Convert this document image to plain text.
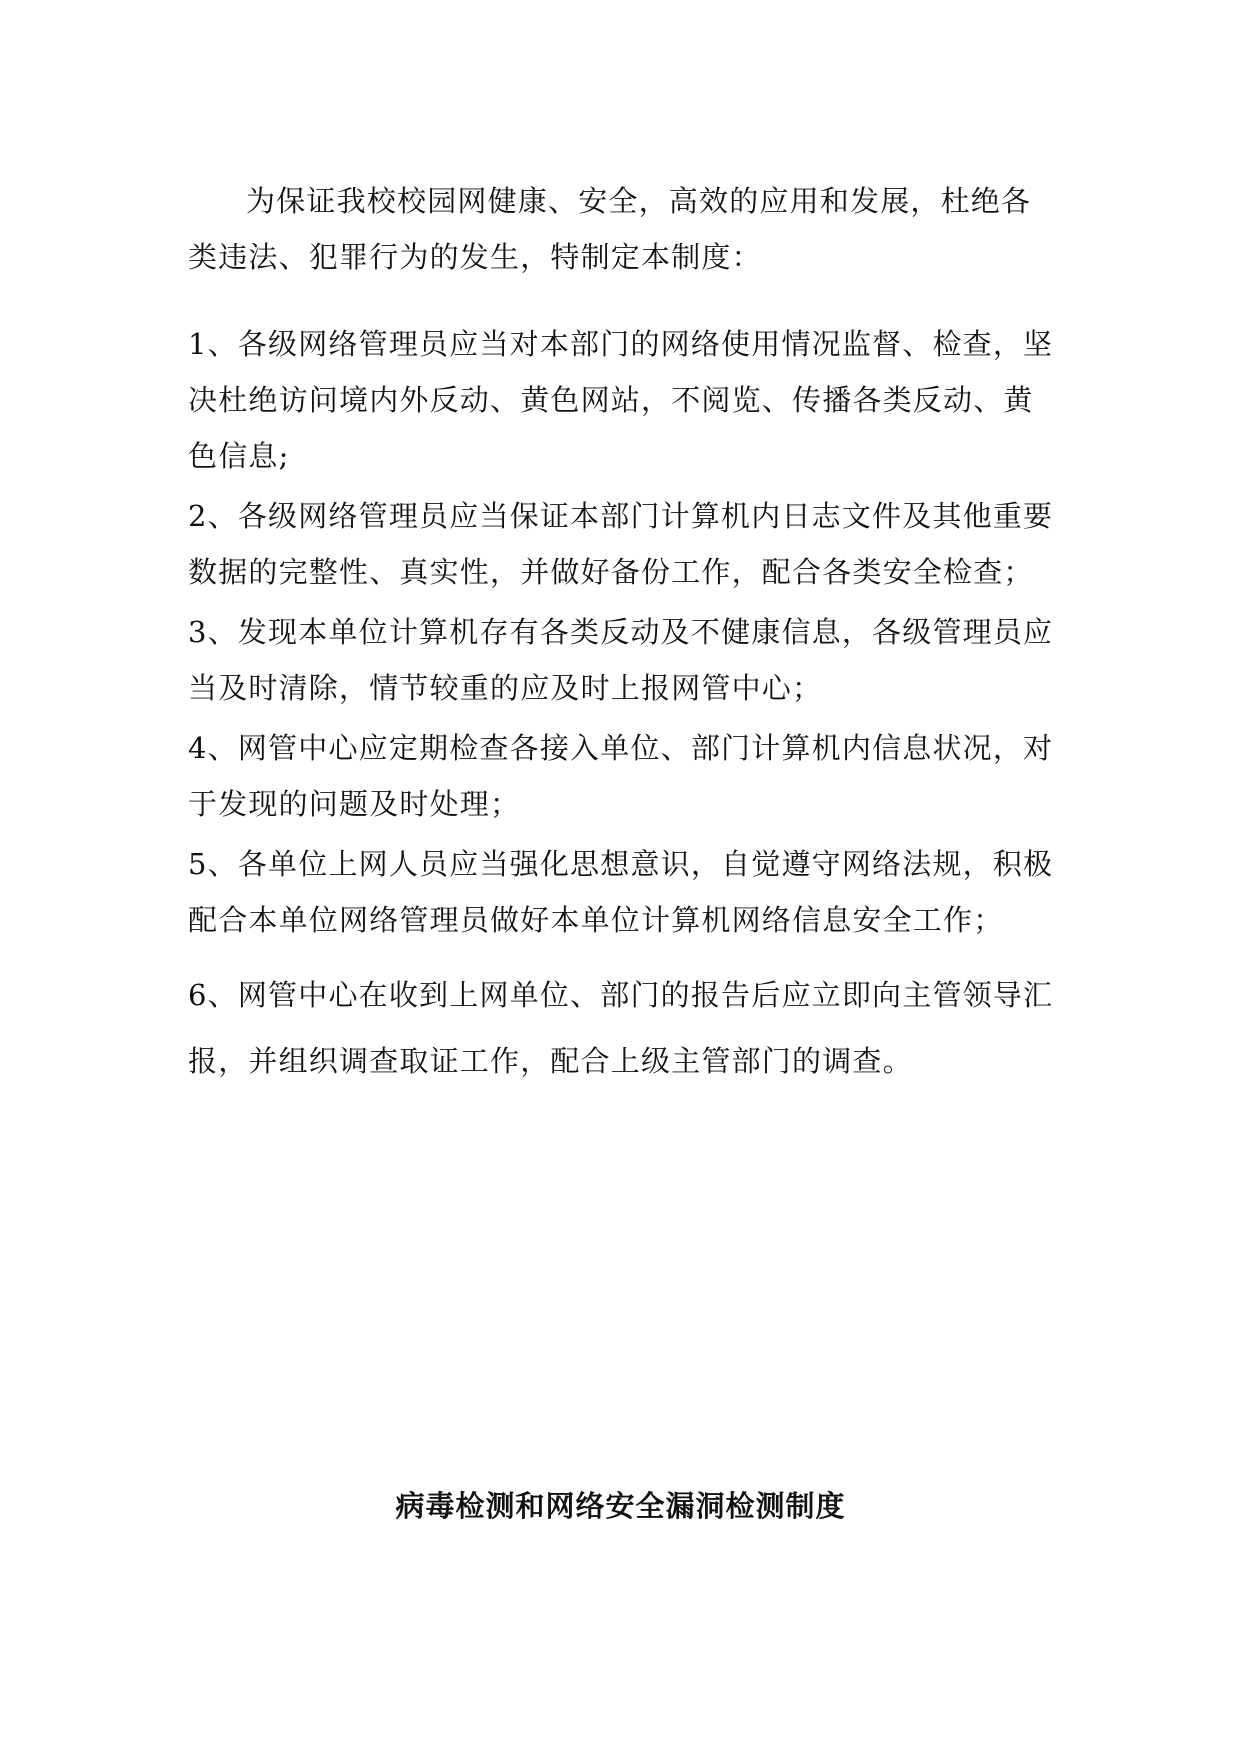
为保证我校校园网健康、安全，高效的应用和发展，杜绝各类违法、犯罪行为的发生，特制定本制度：

1、各级网络管理员应当对本部门的网络使用情况监督、检查，坚决杜绝访问境内外反动、黄色网站，不阅览、传播各类反动、黄色信息;

2、各级网络管理员应当保证本部门计算机内日志文件及其他重要数据的完整性、真实性，并做好备份工作，配合各类安全检查；

3、发现本单位计算机存有各类反动及不健康信息，各级管理员应当及时清除，情节较重的应及时上报网管中心；

4、网管中心应定期检查各接入单位、部门计算机内信息状况，对于发现的问题及时处理；

5、各单位上网人员应当强化思想意识，自觉遵守网络法规，积极配合本单位网络管理员做好本单位计算机网络信息安全工作；

6、网管中心在收到上网单位、部门的报告后应立即向主管领导汇报，并组织调查取证工作，配合上级主管部门的调查。

病毒检测和网络安全漏洞检测制度
